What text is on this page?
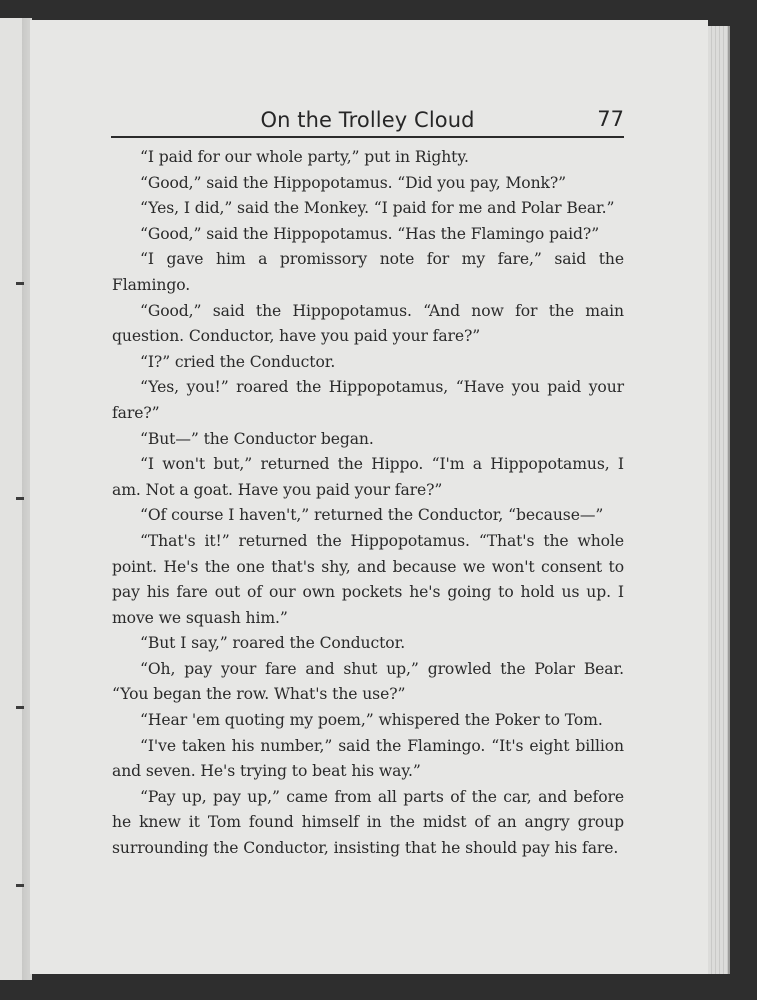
On the Trolley Cloud	77

“I paid for our whole party,” put in Righty.

“Good,” said the Hippopotamus. “Did you pay, Monk?”

“Yes, I did,” said the Monkey. “I paid for me and Polar Bear.”

“Good,” said the Hippopotamus. “Has the Flamingo paid?”

“I gave him a promissory note for my fare,” said the Flamingo.

“Good,” said the Hippopotamus. “And now for the main question. Conductor, have you paid your fare?”

“I?” cried the Conductor.

“Yes, you!” roared the Hippopotamus, “Have you paid your fare?”

“But—” the Conductor began.

“I won't but,” returned the Hippo. “I'm a Hippopotamus, I am. Not a goat. Have you paid your fare?”

“Of course I haven't,” returned the Conductor, “because—”

“That's it!” returned the Hippopotamus. “That's the whole point. He's the one that's shy, and because we won't consent to pay his fare out of our own pockets he's going to hold us up. I move we squash him.”

“But I say,” roared the Conductor.

“Oh, pay your fare and shut up,” growled the Polar Bear. “You began the row. What's the use?”

“Hear 'em quoting my poem,” whispered the Poker to Tom.

“I've taken his number,” said the Flamingo. “It's eight billion and seven. He's trying to beat his way.”

“Pay up, pay up,” came from all parts of the car, and before he knew it Tom found himself in the midst of an angry group surrounding the Conductor, insisting that he should pay his fare.
